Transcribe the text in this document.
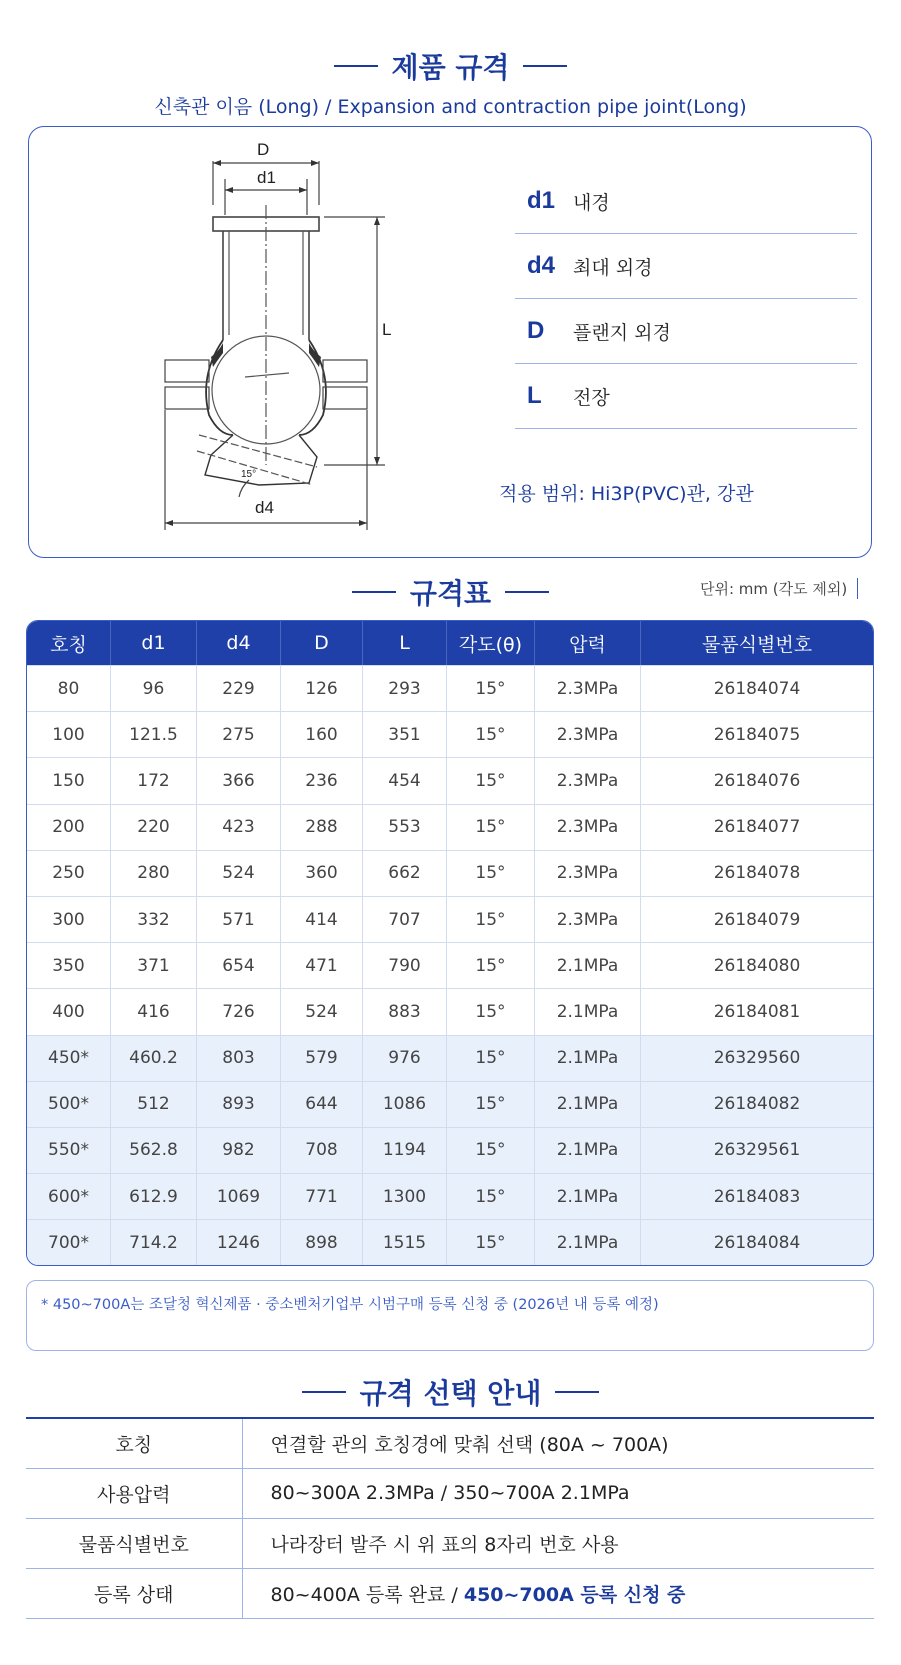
제품 규격
신축관 이음 (Long) / Expansion and contraction pipe joint(Long)
D
d1
L
d4
15°
d1 내경
d4 최대 외경
D	플랜지 외경
L	전장
적용 범위: Hi3P(PVC)관, 강관
규격표	단위: mm (각도 제외)
호칭	d1	d4	D	L	각도(θ)	압력	물품식별번호
80	96	229	126	293	15°	2.3MPa	26184074
100	121.5	275	160	351	15°	2.3MPa	26184075
150	172	366	236	454	15°	2.3MPa	26184076
200	220	423	288	553	15°	2.3MPa	26184077
250	280	524	360	662	15°	2.3MPa	26184078
300	332	571	414	707	15°	2.3MPa	26184079
350	371	654	471	790	15°	2.1MPa	26184080
400	416	726	524	883	15°	2.1MPa	26184081
450*	460.2	803	579	976	15°	2.1MPa	26329560
500*	512	893	644	1086	15°	2.1MPa	26184082
550*	562.8	982	708	1194	15°	2.1MPa	26329561
600*	612.9	1069	771	1300	15°	2.1MPa	26184083
700*	714.2	1246	898	1515	15°	2.1MPa	26184084
* 450~700A는 조달청 혁신제품 · 중소벤처기업부 시범구매 등록 신청 중 (2026년 내 등록 예정)
규격 선택 안내
호칭	연결할 관의 호칭경에 맞춰 선택 (80A ~ 700A)
사용압력	80~300A 2.3MPa / 350~700A 2.1MPa
물품식별번호	나라장터 발주 시 위 표의 8자리 번호 사용
등록 상태	80~400A 등록 완료 / 450~700A 등록 신청 중
